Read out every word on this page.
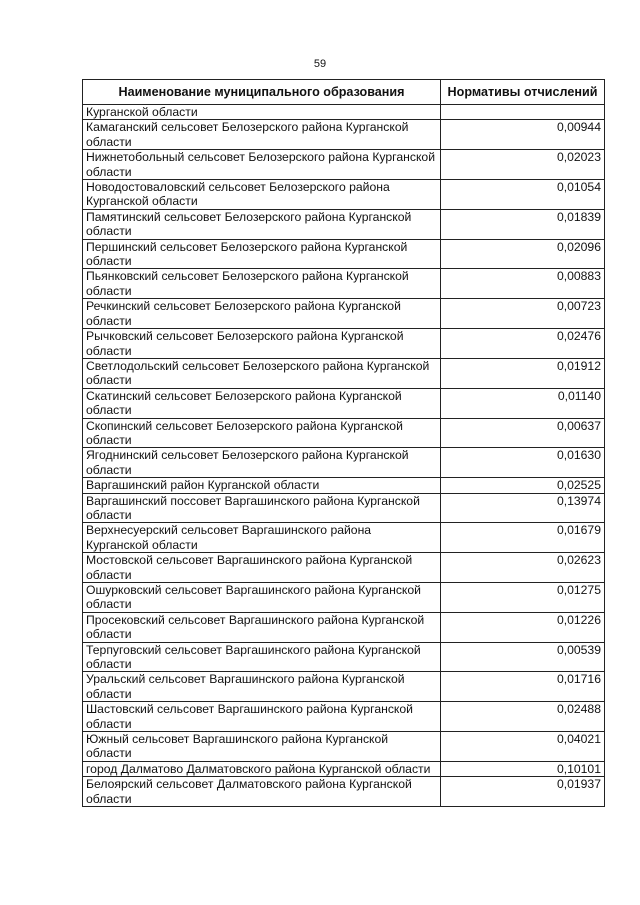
59
Наименование муниципального образования	Нормативы отчислений
Курганской области	
Камаганский сельсовет Белозерского района Курганской области	0,00944
Нижнетобольный сельсовет Белозерского района Курганской области	0,02023
Новодостоваловский сельсовет Белозерского района Курганской области	0,01054
Памятинский сельсовет Белозерского района Курганской области	0,01839
Першинский сельсовет Белозерского района Курганской области	0,02096
Пьянковский сельсовет Белозерского района Курганской области	0,00883
Речкинский сельсовет Белозерского района Курганской области	0,00723
Рычковский сельсовет Белозерского района Курганской области	0,02476
Светлодольский сельсовет Белозерского района Курганской области	0,01912
Скатинский сельсовет Белозерского района Курганской области	0,01140
Скопинский сельсовет Белозерского района Курганской области	0,00637
Ягоднинский сельсовет Белозерского района Курганской области	0,01630
Варгашинский район Курганской области	0,02525
Варгашинский поссовет Варгашинского района Курганской области	0,13974
Верхнесуерский сельсовет Варгашинского района Курганской области	0,01679
Мостовской сельсовет Варгашинского района Курганской области	0,02623
Ошурковский сельсовет Варгашинского района Курганской области	0,01275
Просековский сельсовет Варгашинского района Курганской области	0,01226
Терпуговский сельсовет Варгашинского района Курганской области	0,00539
Уральский сельсовет Варгашинского района Курганской области	0,01716
Шастовский сельсовет Варгашинского района Курганской области	0,02488
Южный сельсовет Варгашинского района Курганской области	0,04021
город Далматово Далматовского района Курганской области	0,10101
Белоярский сельсовет Далматовского района Курганской области	0,01937
